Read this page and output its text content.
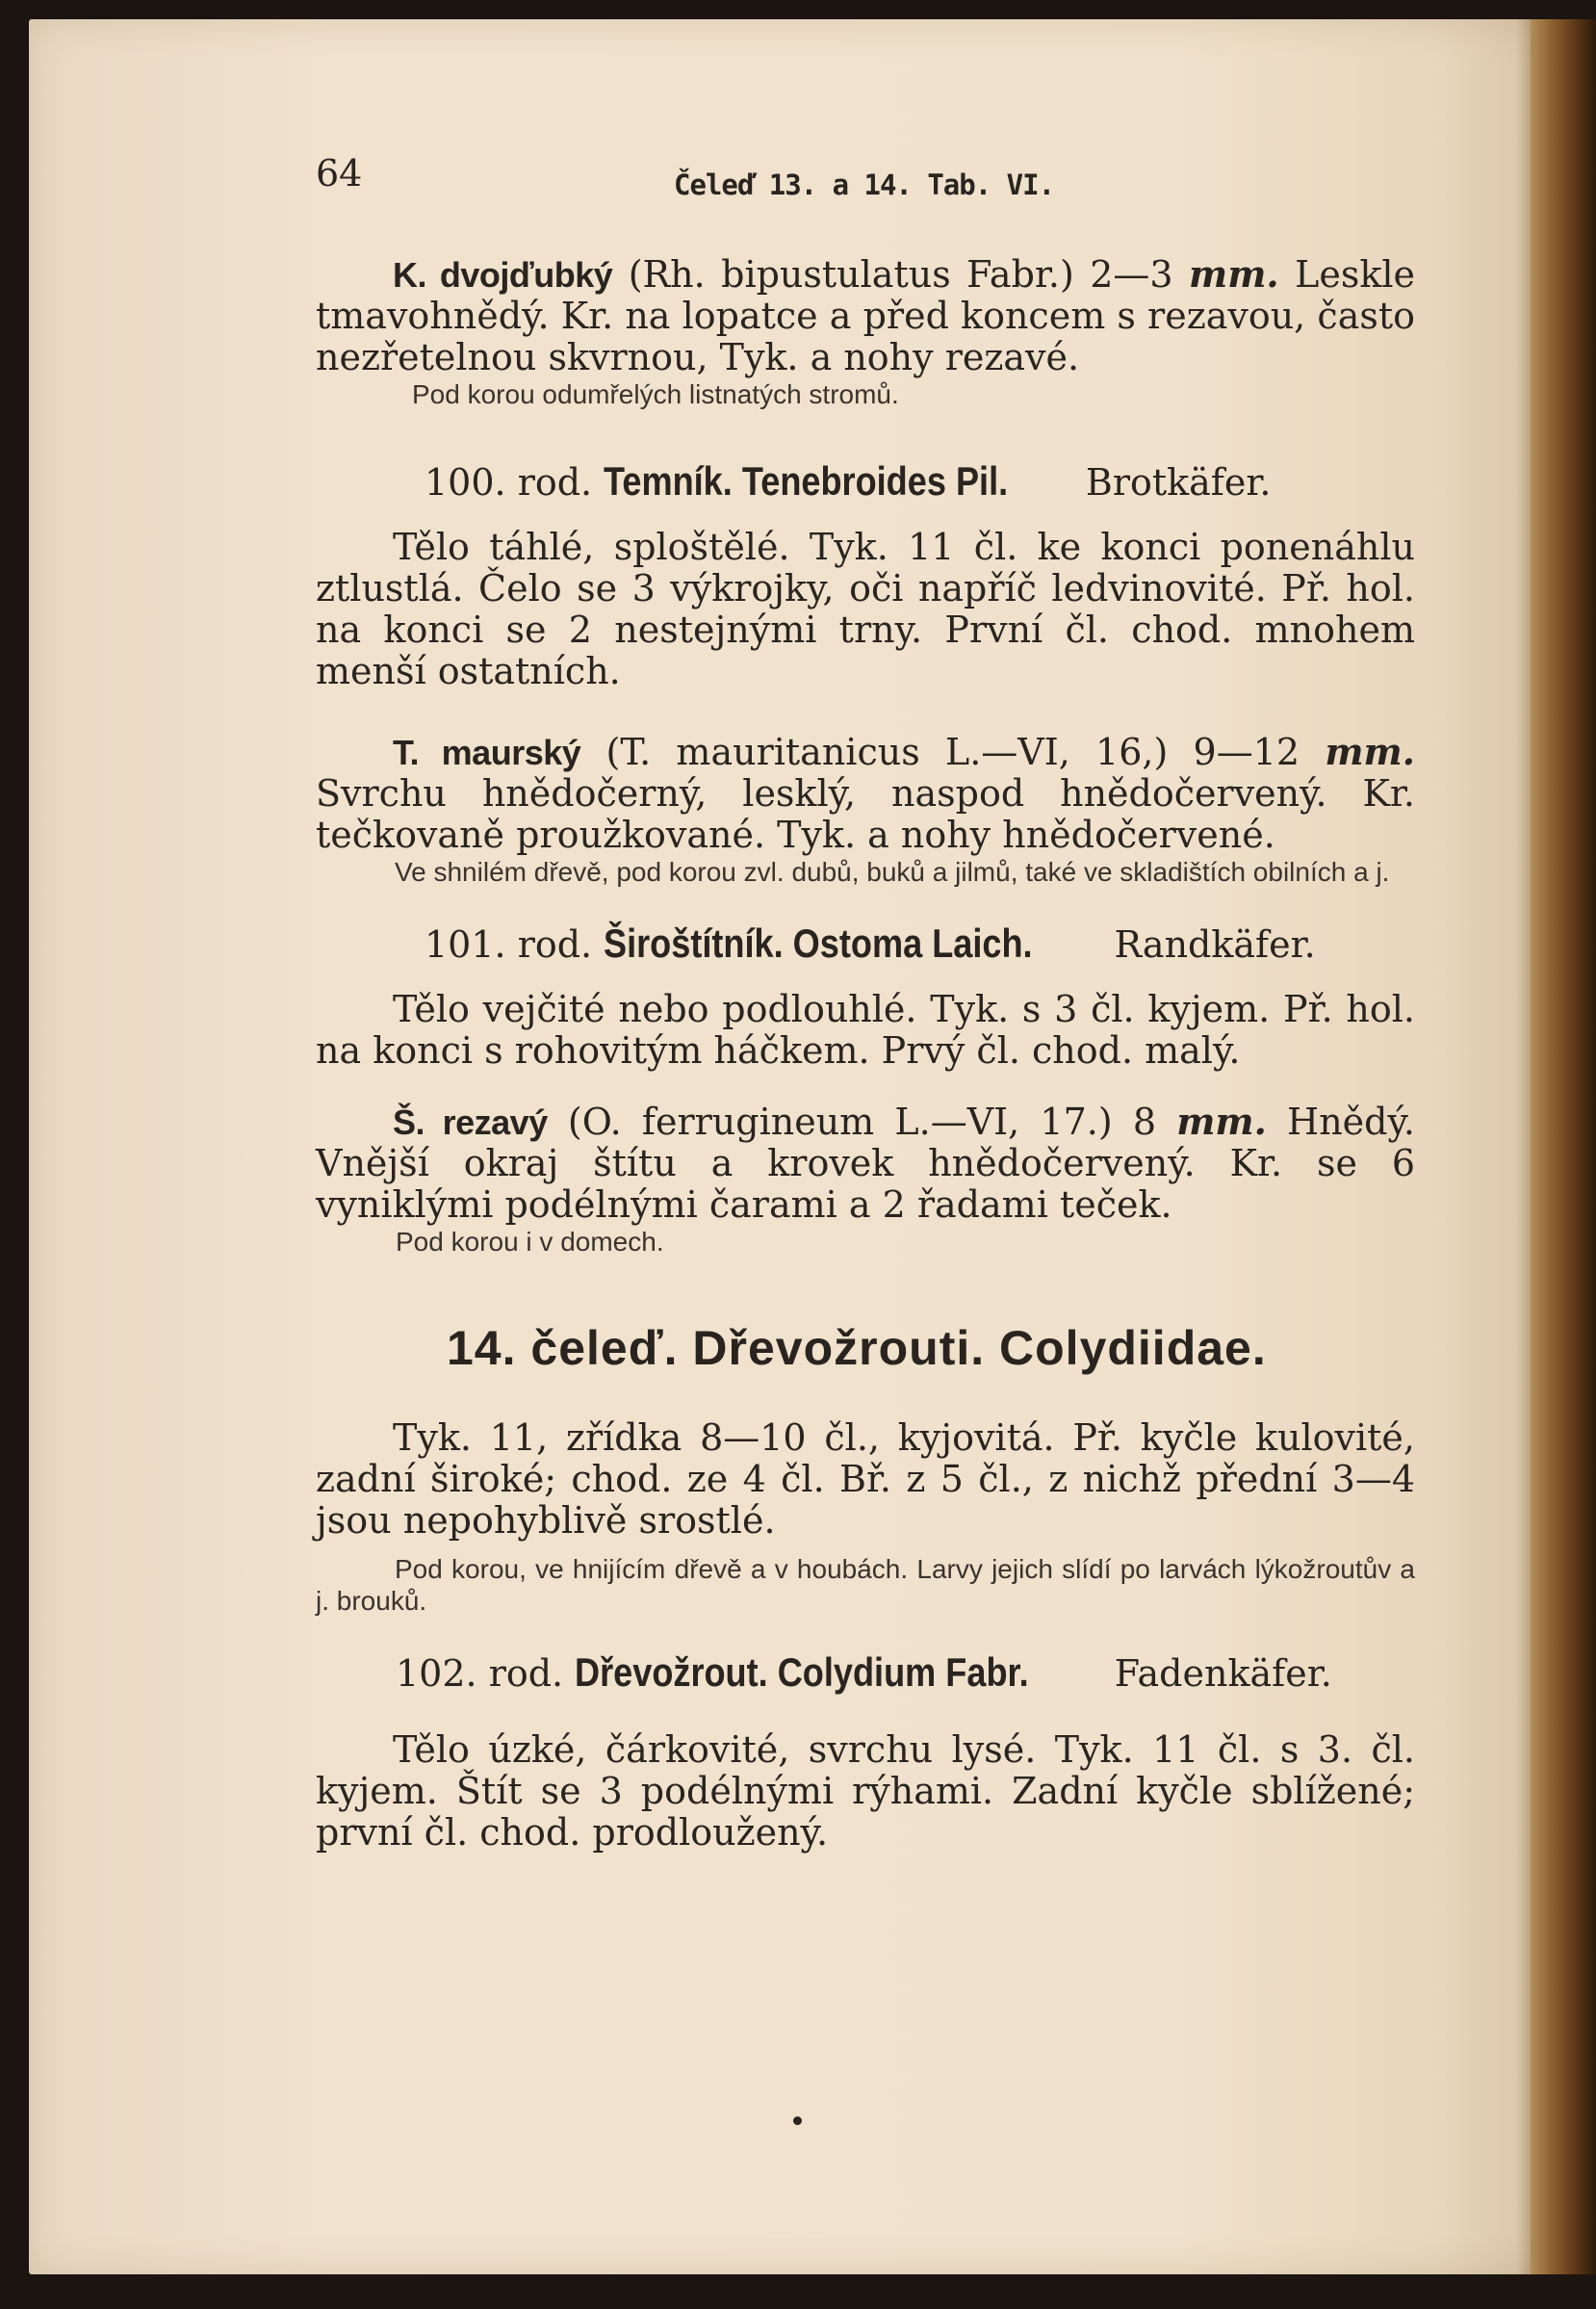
64	Čeleď 13. a 14. Tab. VI.

K. dvojďubký (Rh. bipustulatus Fabr.) 2—3 mm. Leskle tmavohnědý. Kr. na lopatce a před koncem s rezavou, často nezřetelnou skvrnou, Tyk. a nohy rezavé.

Pod korou odumřelých listnatých stromů.

100. rod. Temník. Tenebroides Pil. Brotkäfer.

Tělo táhlé, sploštělé. Tyk. 11 čl. ke konci ponenáhlu ztlustlá. Čelo se 3 výkrojky, oči napříč ledvinovité. Př. hol. na konci se 2 nestejnými trny. První čl. chod. mnohem menší ostatních.

T. maurský (T. mauritanicus L.—VI, 16,) 9—12 mm. Svrchu hnědočerný, lesklý, naspod hnědočervený. Kr. tečkovaně proužkované. Tyk. a nohy hnědočervené.

Ve shnilém dřevě, pod korou zvl. dubů, buků a jilmů, také ve skladištích obilních a j.

101. rod. Široštítník. Ostoma Laich. Randkäfer.

Tělo vejčité nebo podlouhlé. Tyk. s 3 čl. kyjem. Př. hol. na konci s rohovitým háčkem. Prvý čl. chod. malý.

Š. rezavý (O. ferrugineum L.—VI, 17.) 8 mm. Hnědý. Vnější okraj štítu a krovek hnědočervený. Kr. se 6 vyniklými podélnými čarami a 2 řadami teček.

Pod korou i v domech.

14. čeleď. Dřevožrouti. Colydiidae.

Tyk. 11, zřídka 8—10 čl., kyjovitá. Př. kyčle kulovité, zadní široké; chod. ze 4 čl. Bř. z 5 čl., z nichž přední 3—4 jsou nepohyblivě srostlé.

Pod korou, ve hnijícím dřevě a v houbách. Larvy jejich slídí po larvách lýkožroutův a j. brouků.

102. rod. Dřevožrout. Colydium Fabr. Fadenkäfer.

Tělo úzké, čárkovité, svrchu lysé. Tyk. 11 čl. s 3. čl. kyjem. Štít se 3 podélnými rýhami. Zadní kyčle sblížené; první čl. chod. prodloužený.
